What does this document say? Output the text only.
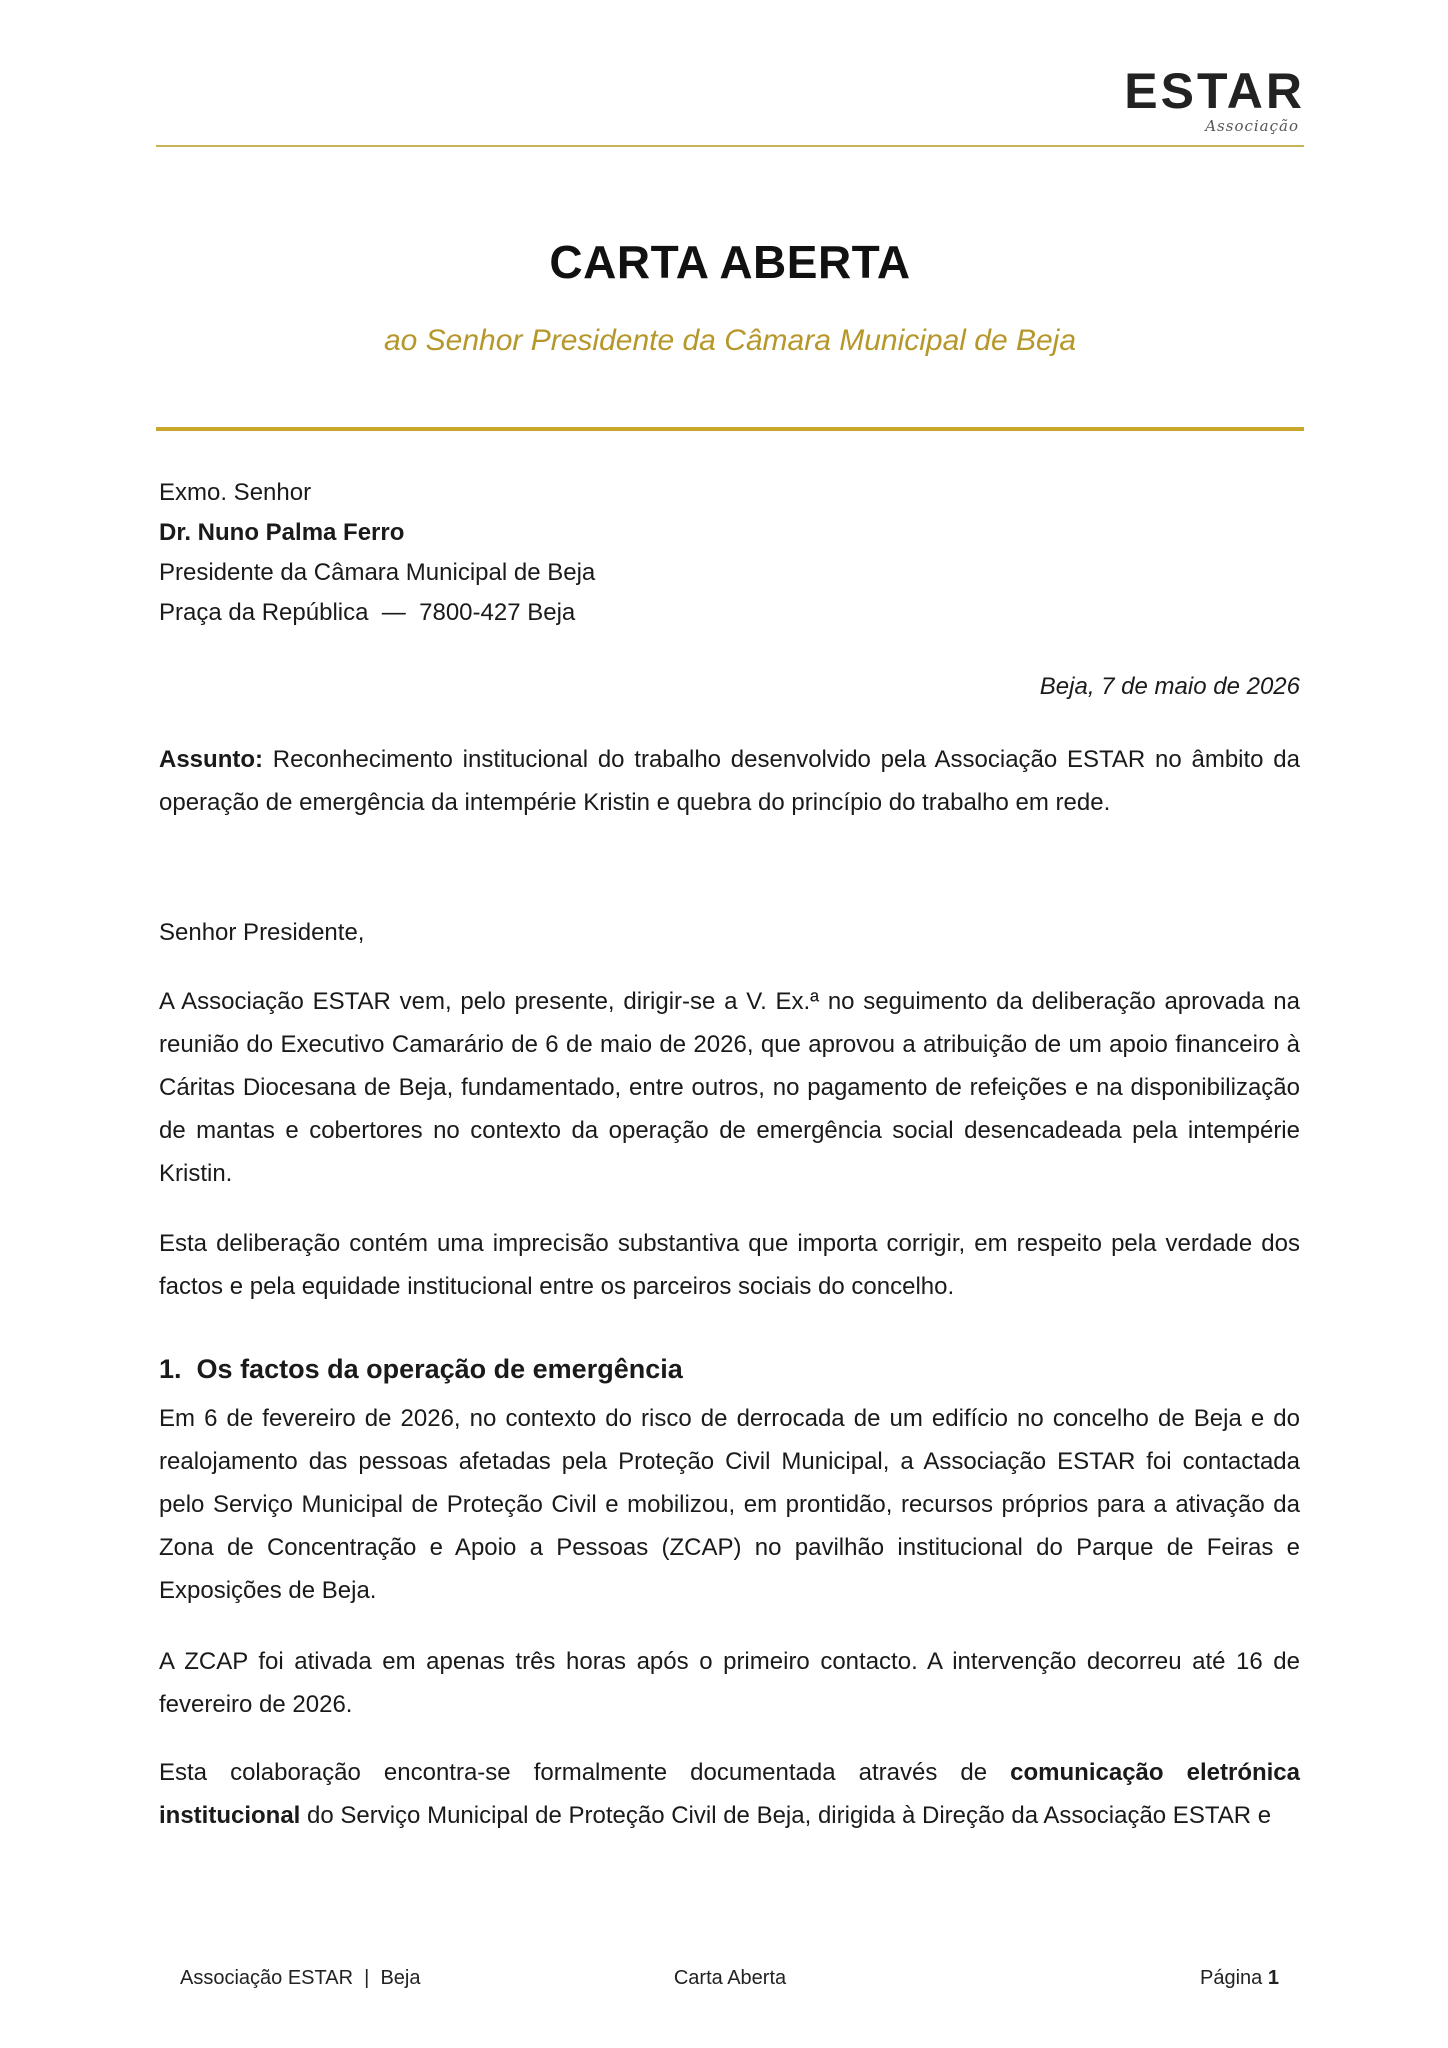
ESTAR
Associação
CARTA ABERTA
ao Senhor Presidente da Câmara Municipal de Beja
Exmo. Senhor
Dr. Nuno Palma Ferro
Presidente da Câmara Municipal de Beja
Praça da República  —  7800-427 Beja
Beja, 7 de maio de 2026
Assunto: Reconhecimento institucional do trabalho desenvolvido pela Associação ESTAR no âmbito da operação de emergência da intempérie Kristin e quebra do princípio do trabalho em rede.
Senhor Presidente,
A Associação ESTAR vem, pelo presente, dirigir-se a V. Ex.ª no seguimento da deliberação aprovada na reunião do Executivo Camarário de 6 de maio de 2026, que aprovou a atribuição de um apoio financeiro à Cáritas Diocesana de Beja, fundamentado, entre outros, no pagamento de refeições e na disponibilização de mantas e cobertores no contexto da operação de emergência social desencadeada pela intempérie Kristin.
Esta deliberação contém uma imprecisão substantiva que importa corrigir, em respeito pela verdade dos factos e pela equidade institucional entre os parceiros sociais do concelho.
1. Os factos da operação de emergência
Em 6 de fevereiro de 2026, no contexto do risco de derrocada de um edifício no concelho de Beja e do realojamento das pessoas afetadas pela Proteção Civil Municipal, a Associação ESTAR foi contactada pelo Serviço Municipal de Proteção Civil e mobilizou, em prontidão, recursos próprios para a ativação da Zona de Concentração e Apoio a Pessoas (ZCAP) no pavilhão institucional do Parque de Feiras e Exposições de Beja.
A ZCAP foi ativada em apenas três horas após o primeiro contacto. A intervenção decorreu até 16 de fevereiro de 2026.
Esta colaboração encontra-se formalmente documentada através de comunicação eletrónica institucional do Serviço Municipal de Proteção Civil de Beja, dirigida à Direção da Associação ESTAR e
Associação ESTAR  |  Beja	Carta Aberta	Página 1
